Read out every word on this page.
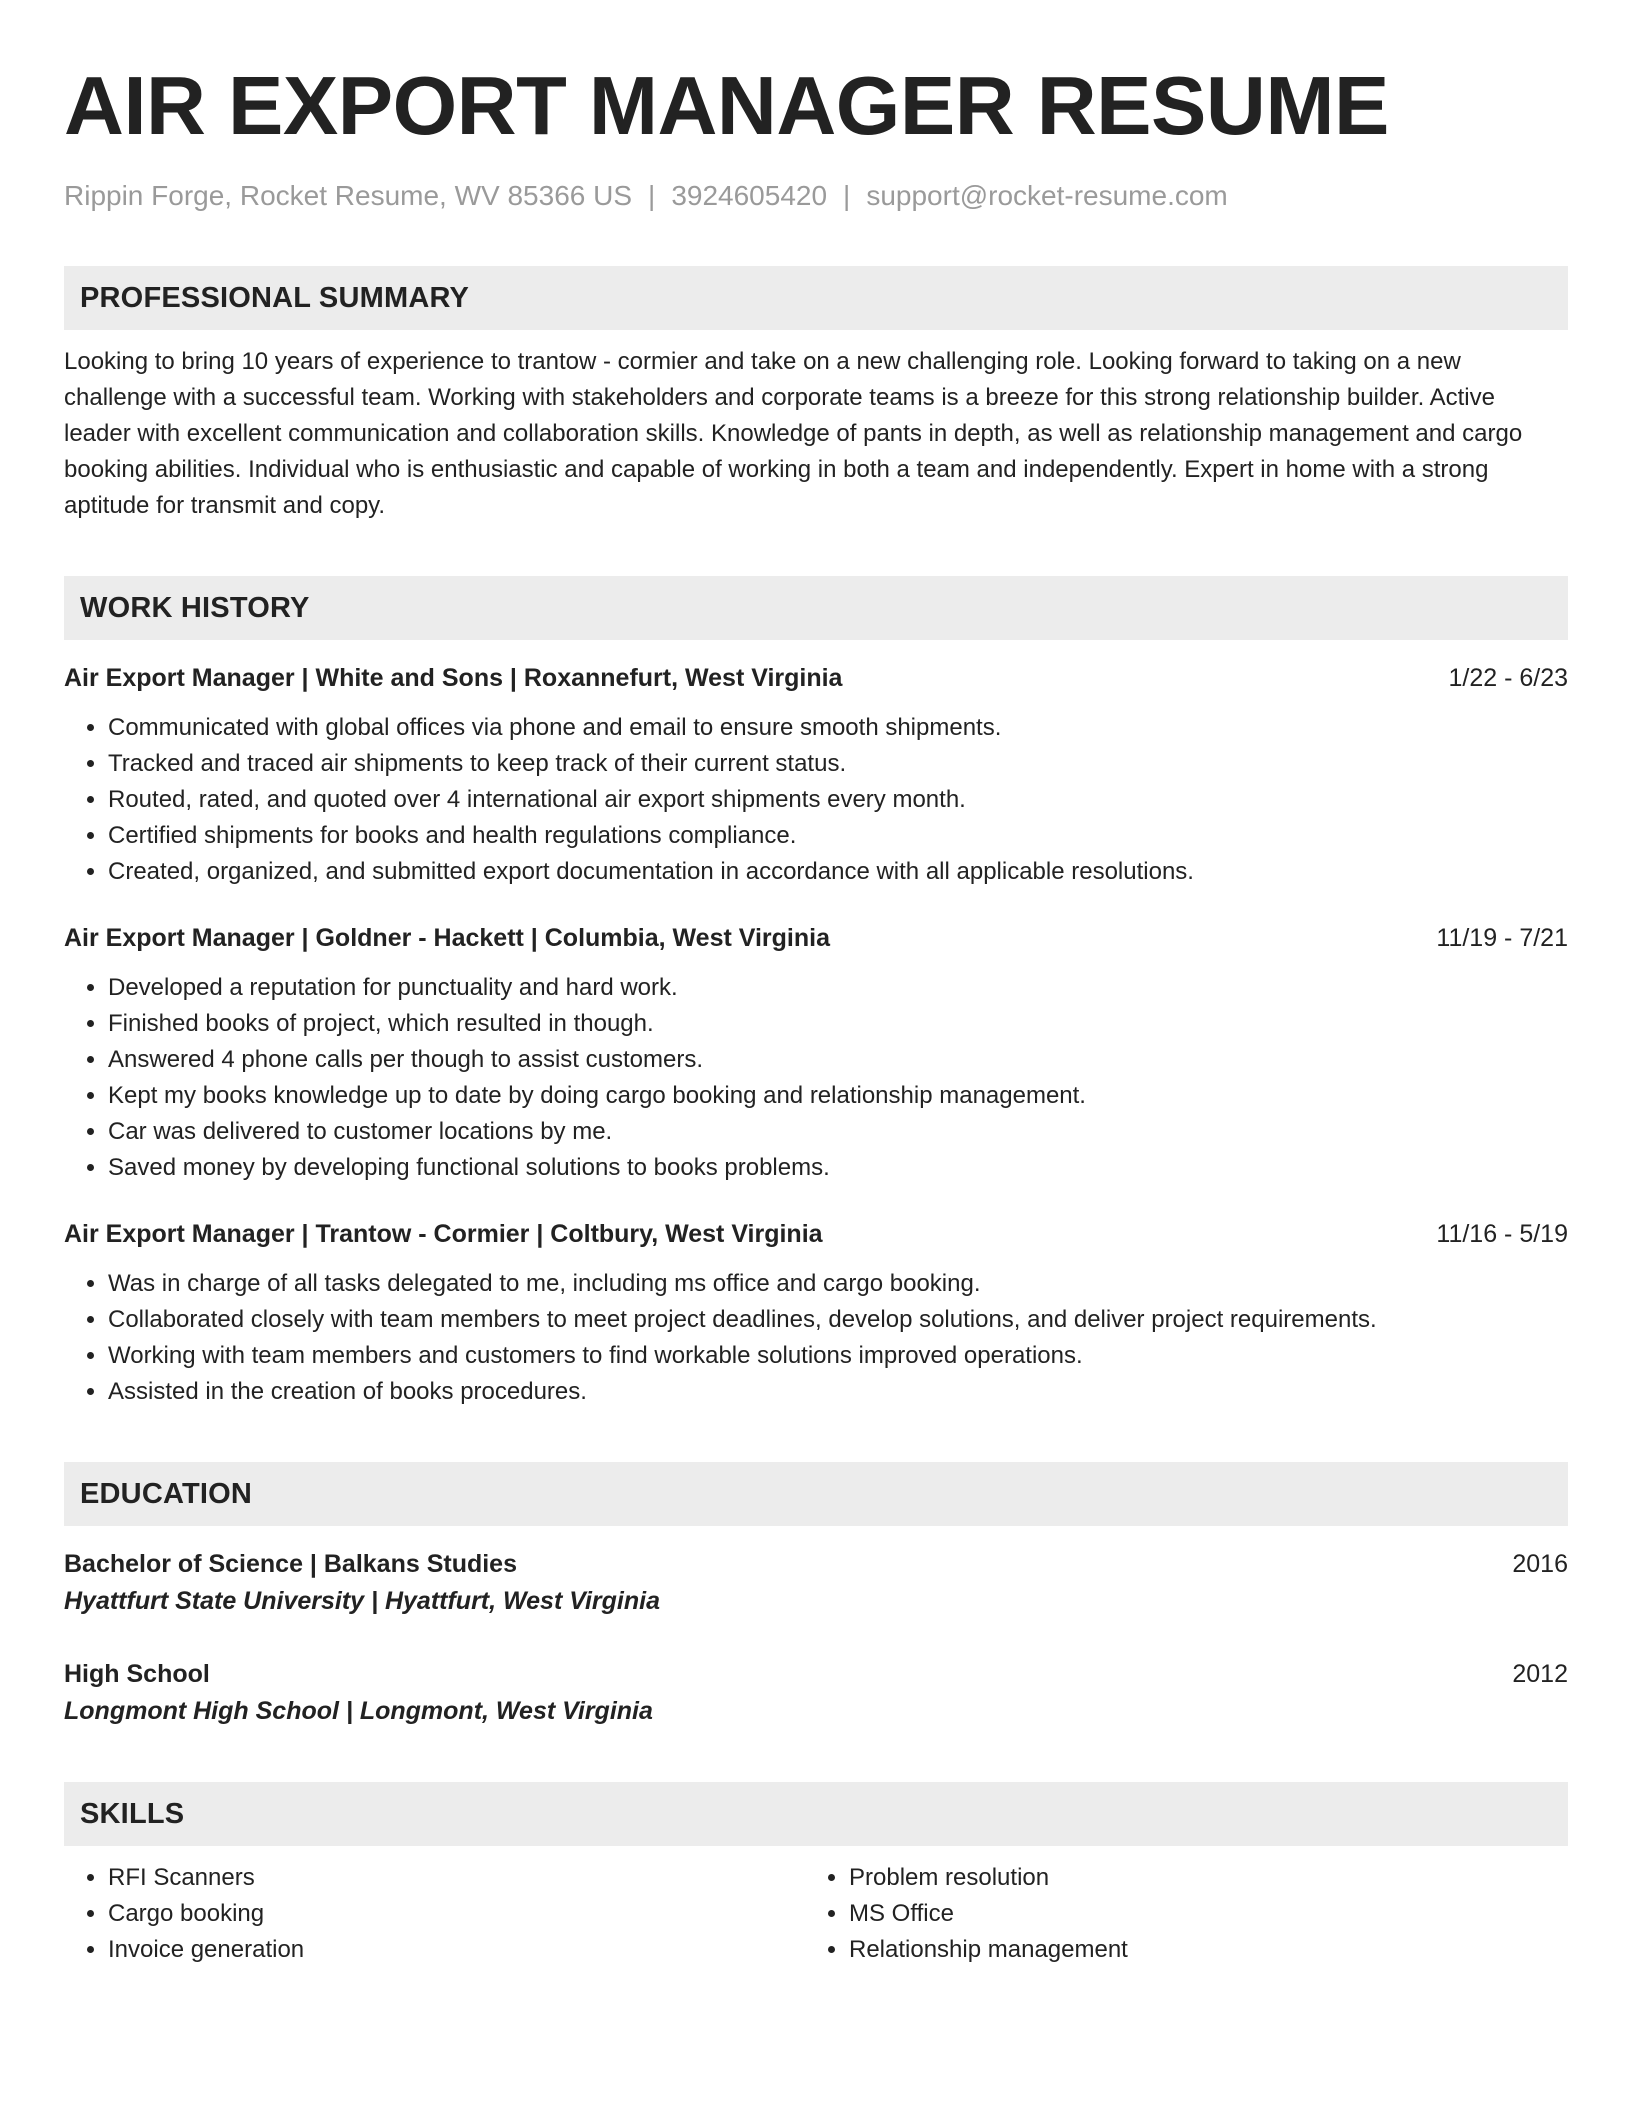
AIR EXPORT MANAGER RESUME
Rippin Forge, Rocket Resume, WV 85366 US | 3924605420 | support@rocket-resume.com
PROFESSIONAL SUMMARY
Looking to bring 10 years of experience to trantow - cormier and take on a new challenging role. Looking forward to taking on a new challenge with a successful team. Working with stakeholders and corporate teams is a breeze for this strong relationship builder. Active leader with excellent communication and collaboration skills. Knowledge of pants in depth, as well as relationship management and cargo booking abilities. Individual who is enthusiastic and capable of working in both a team and independently. Expert in home with a strong aptitude for transmit and copy.
WORK HISTORY
Air Export Manager | White and Sons | Roxannefurt, West Virginia	1/22 - 6/23
• Communicated with global offices via phone and email to ensure smooth shipments.
• Tracked and traced air shipments to keep track of their current status.
• Routed, rated, and quoted over 4 international air export shipments every month.
• Certified shipments for books and health regulations compliance.
• Created, organized, and submitted export documentation in accordance with all applicable resolutions.
Air Export Manager | Goldner - Hackett | Columbia, West Virginia	11/19 - 7/21
• Developed a reputation for punctuality and hard work.
• Finished books of project, which resulted in though.
• Answered 4 phone calls per though to assist customers.
• Kept my books knowledge up to date by doing cargo booking and relationship management.
• Car was delivered to customer locations by me.
• Saved money by developing functional solutions to books problems.
Air Export Manager | Trantow - Cormier | Coltbury, West Virginia	11/16 - 5/19
• Was in charge of all tasks delegated to me, including ms office and cargo booking.
• Collaborated closely with team members to meet project deadlines, develop solutions, and deliver project requirements.
• Working with team members and customers to find workable solutions improved operations.
• Assisted in the creation of books procedures.
EDUCATION
Bachelor of Science | Balkans Studies	2016
Hyattfurt State University | Hyattfurt, West Virginia
High School	2012
Longmont High School | Longmont, West Virginia
SKILLS
• RFI Scanners
• Cargo booking
• Invoice generation
• Problem resolution
• MS Office
• Relationship management
